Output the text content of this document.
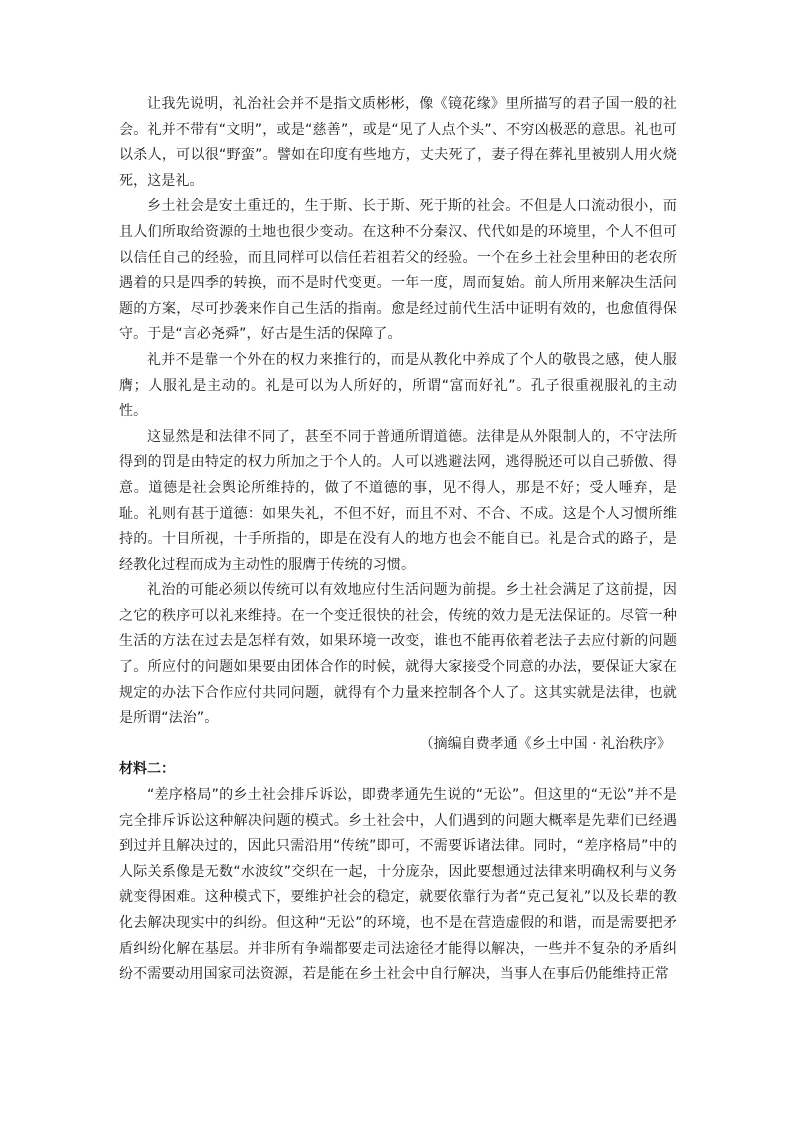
让我先说明，礼治社会并不是指文质彬彬，像《镜花缘》里所描写的君子国一般的社会。礼并不带有“文明”，或是“慈善”，或是“见了人点个头”、不穷凶极恶的意思。礼也可以杀人，可以很“野蛮”。譬如在印度有些地方，丈夫死了，妻子得在葬礼里被别人用火烧死，这是礼。

乡土社会是安土重迁的，生于斯、长于斯、死于斯的社会。不但是人口流动很小，而且人们所取给资源的土地也很少变动。在这种不分秦汉、代代如是的环境里，个人不但可以信任自己的经验，而且同样可以信任若祖若父的经验。一个在乡土社会里种田的老农所遇着的只是四季的转换，而不是时代变更。一年一度，周而复始。前人所用来解决生活问题的方案，尽可抄袭来作自己生活的指南。愈是经过前代生活中证明有效的，也愈值得保守。于是“言必尧舜”，好古是生活的保障了。

礼并不是靠一个外在的权力来推行的，而是从教化中养成了个人的敬畏之感，使人服膺；人服礼是主动的。礼是可以为人所好的，所谓“富而好礼”。孔子很重视服礼的主动性。

这显然是和法律不同了，甚至不同于普通所谓道德。法律是从外限制人的，不守法所得到的罚是由特定的权力所加之于个人的。人可以逃避法网，逃得脱还可以自己骄傲、得意。道德是社会舆论所维持的，做了不道德的事，见不得人，那是不好；受人唾弃，是耻。礼则有甚于道德：如果失礼，不但不好，而且不对、不合、不成。这是个人习惯所维持的。十目所视，十手所指的，即是在没有人的地方也会不能自已。礼是合式的路子，是经教化过程而成为主动性的服膺于传统的习惯。

礼治的可能必须以传统可以有效地应付生活问题为前提。乡土社会满足了这前提，因之它的秩序可以礼来维持。在一个变迁很快的社会，传统的效力是无法保证的。尽管一种生活的方法在过去是怎样有效，如果环境一改变，谁也不能再依着老法子去应付新的问题了。所应付的问题如果要由团体合作的时候，就得大家接受个同意的办法，要保证大家在规定的办法下合作应付共同问题，就得有个力量来控制各个人了。这其实就是法律，也就是所谓“法治”。

（摘编自费孝通《乡土中国 · 礼治秩序》

材料二：

“差序格局”的乡土社会排斥诉讼，即费孝通先生说的“无讼”。但这里的“无讼”并不是完全排斥诉讼这种解决问题的模式。乡土社会中，人们遇到的问题大概率是先辈们已经遇到过并且解决过的，因此只需沿用“传统”即可，不需要诉诸法律。同时，“差序格局”中的人际关系像是无数“水波纹”交织在一起，十分庞杂，因此要想通过法律来明确权利与义务就变得困难。这种模式下，要维护社会的稳定，就要依靠行为者“克己复礼”以及长辈的教化去解决现实中的纠纷。但这种“无讼”的环境，也不是在营造虚假的和谐，而是需要把矛盾纠纷化解在基层。并非所有争端都要走司法途径才能得以解决，一些并不复杂的矛盾纠纷不需要动用国家司法资源，若是能在乡土社会中自行解决，当事人在事后仍能维持正常
